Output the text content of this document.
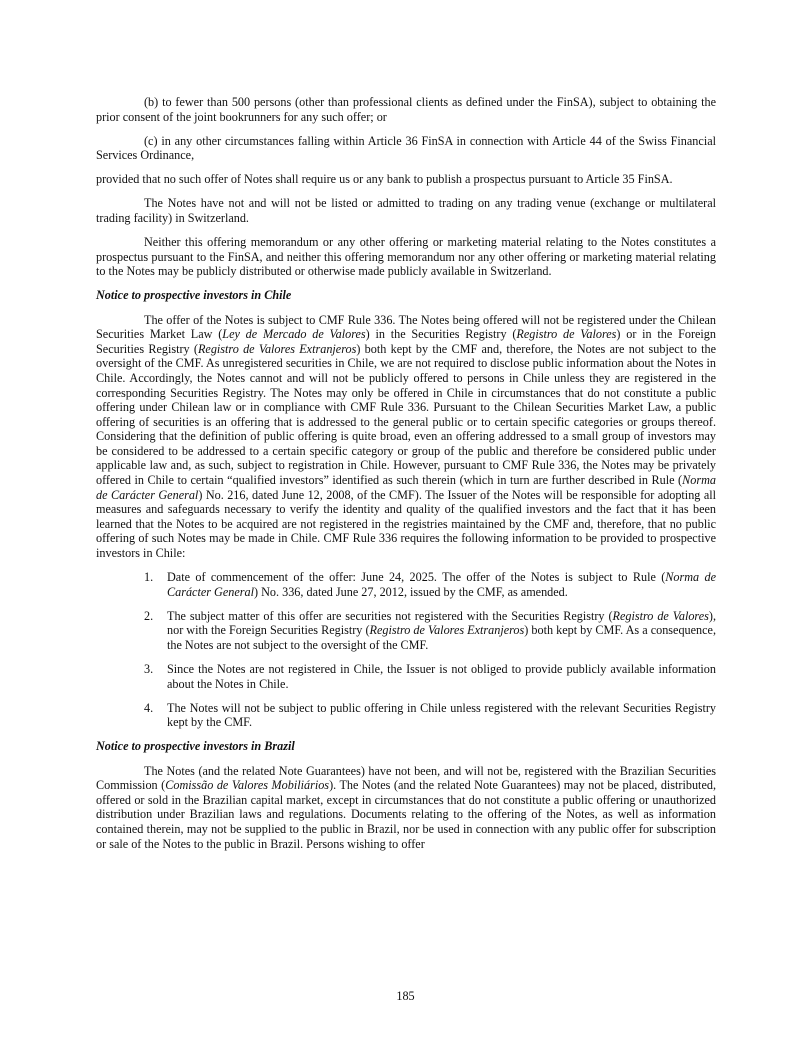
(b) to fewer than 500 persons (other than professional clients as defined under the FinSA), subject to obtaining the prior consent of the joint bookrunners for any such offer; or

(c) in any other circumstances falling within Article 36 FinSA in connection with Article 44 of the Swiss Financial Services Ordinance,

provided that no such offer of Notes shall require us or any bank to publish a prospectus pursuant to Article 35 FinSA.

The Notes have not and will not be listed or admitted to trading on any trading venue (exchange or multilateral trading facility) in Switzerland.

Neither this offering memorandum or any other offering or marketing material relating to the Notes constitutes a prospectus pursuant to the FinSA, and neither this offering memorandum nor any other offering or marketing material relating to the Notes may be publicly distributed or otherwise made publicly available in Switzerland.

Notice to prospective investors in Chile

The offer of the Notes is subject to CMF Rule 336. The Notes being offered will not be registered under the Chilean Securities Market Law (Ley de Mercado de Valores) in the Securities Registry (Registro de Valores) or in the Foreign Securities Registry (Registro de Valores Extranjeros) both kept by the CMF and, therefore, the Notes are not subject to the oversight of the CMF. As unregistered securities in Chile, we are not required to disclose public information about the Notes in Chile. Accordingly, the Notes cannot and will not be publicly offered to persons in Chile unless they are registered in the corresponding Securities Registry. The Notes may only be offered in Chile in circumstances that do not constitute a public offering under Chilean law or in compliance with CMF Rule 336. Pursuant to the Chilean Securities Market Law, a public offering of securities is an offering that is addressed to the general public or to certain specific categories or groups thereof. Considering that the definition of public offering is quite broad, even an offering addressed to a small group of investors may be considered to be addressed to a certain specific category or group of the public and therefore be considered public under applicable law and, as such, subject to registration in Chile. However, pursuant to CMF Rule 336, the Notes may be privately offered in Chile to certain “qualified investors” identified as such therein (which in turn are further described in Rule (Norma de Carácter General) No. 216, dated June 12, 2008, of the CMF). The Issuer of the Notes will be responsible for adopting all measures and safeguards necessary to verify the identity and quality of the qualified investors and the fact that it has been learned that the Notes to be acquired are not registered in the registries maintained by the CMF and, therefore, that no public offering of such Notes may be made in Chile. CMF Rule 336 requires the following information to be provided to prospective investors in Chile:

1. Date of commencement of the offer: June 24, 2025. The offer of the Notes is subject to Rule (Norma de Carácter General) No. 336, dated June 27, 2012, issued by the CMF, as amended.
2. The subject matter of this offer are securities not registered with the Securities Registry (Registro de Valores), nor with the Foreign Securities Registry (Registro de Valores Extranjeros) both kept by CMF. As a consequence, the Notes are not subject to the oversight of the CMF.
3. Since the Notes are not registered in Chile, the Issuer is not obliged to provide publicly available information about the Notes in Chile.
4. The Notes will not be subject to public offering in Chile unless registered with the relevant Securities Registry kept by the CMF.
Notice to prospective investors in Brazil

The Notes (and the related Note Guarantees) have not been, and will not be, registered with the Brazilian Securities Commission (Comissão de Valores Mobiliários). The Notes (and the related Note Guarantees) may not be placed, distributed, offered or sold in the Brazilian capital market, except in circumstances that do not constitute a public offering or unauthorized distribution under Brazilian laws and regulations. Documents relating to the offering of the Notes, as well as information contained therein, may not be supplied to the public in Brazil, nor be used in connection with any public offer for subscription or sale of the Notes to the public in Brazil. Persons wishing to offer

185
